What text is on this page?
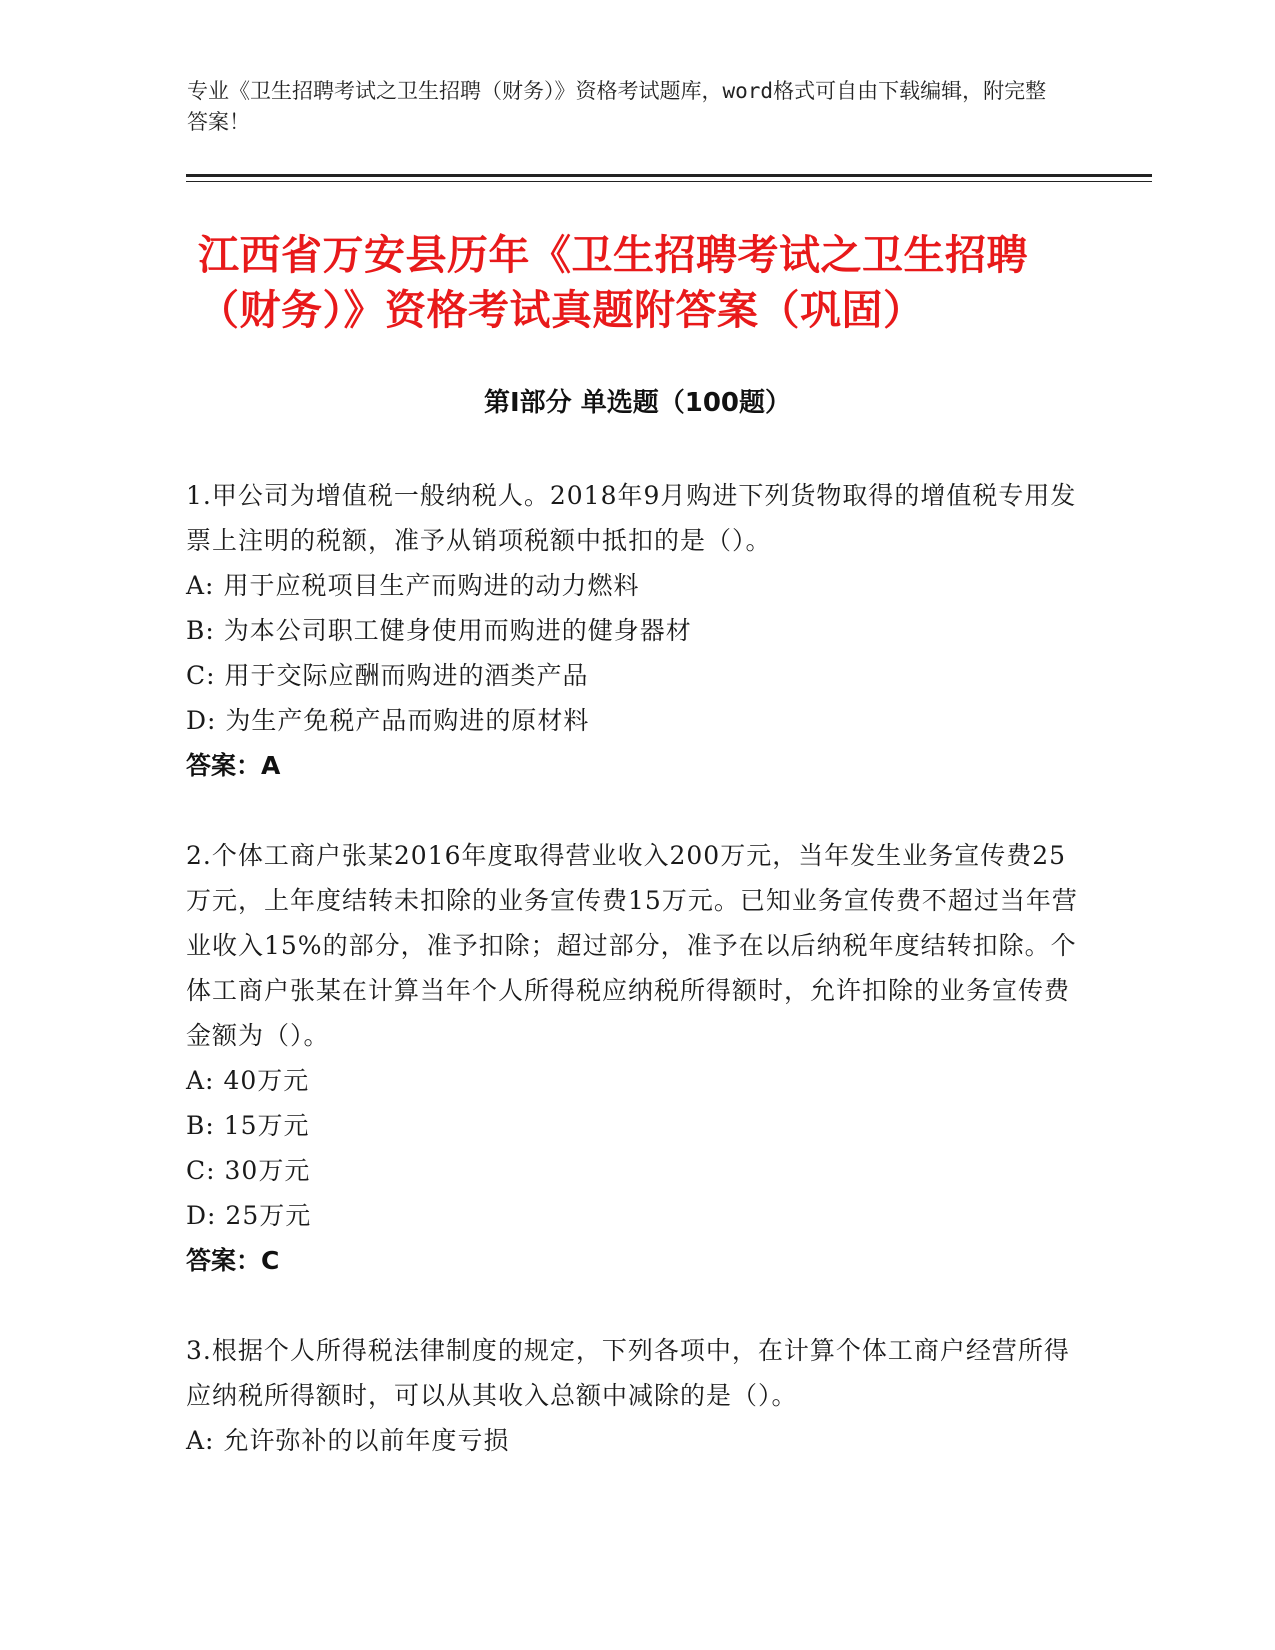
专业《卫生招聘考试之卫生招聘（财务）》资格考试题库，word格式可自由下载编辑，附完整答案！
江西省万安县历年《卫生招聘考试之卫生招聘（财务）》资格考试真题附答案（巩固）
第I部分 单选题（100题）
1.甲公司为增值税一般纳税人。2018年9月购进下列货物取得的增值税专用发票上注明的税额，准予从销项税额中抵扣的是（）。
A: 用于应税项目生产而购进的动力燃料
B: 为本公司职工健身使用而购进的健身器材
C: 用于交际应酬而购进的酒类产品
D: 为生产免税产品而购进的原材料
答案：A
2.个体工商户张某2016年度取得营业收入200万元，当年发生业务宣传费25万元，上年度结转未扣除的业务宣传费15万元。已知业务宣传费不超过当年营业收入15%的部分，准予扣除；超过部分，准予在以后纳税年度结转扣除。个体工商户张某在计算当年个人所得税应纳税所得额时，允许扣除的业务宣传费金额为（）。
A: 40万元
B: 15万元
C: 30万元
D: 25万元
答案：C
3.根据个人所得税法律制度的规定，下列各项中，在计算个体工商户经营所得应纳税所得额时，可以从其收入总额中减除的是（）。
A: 允许弥补的以前年度亏损
